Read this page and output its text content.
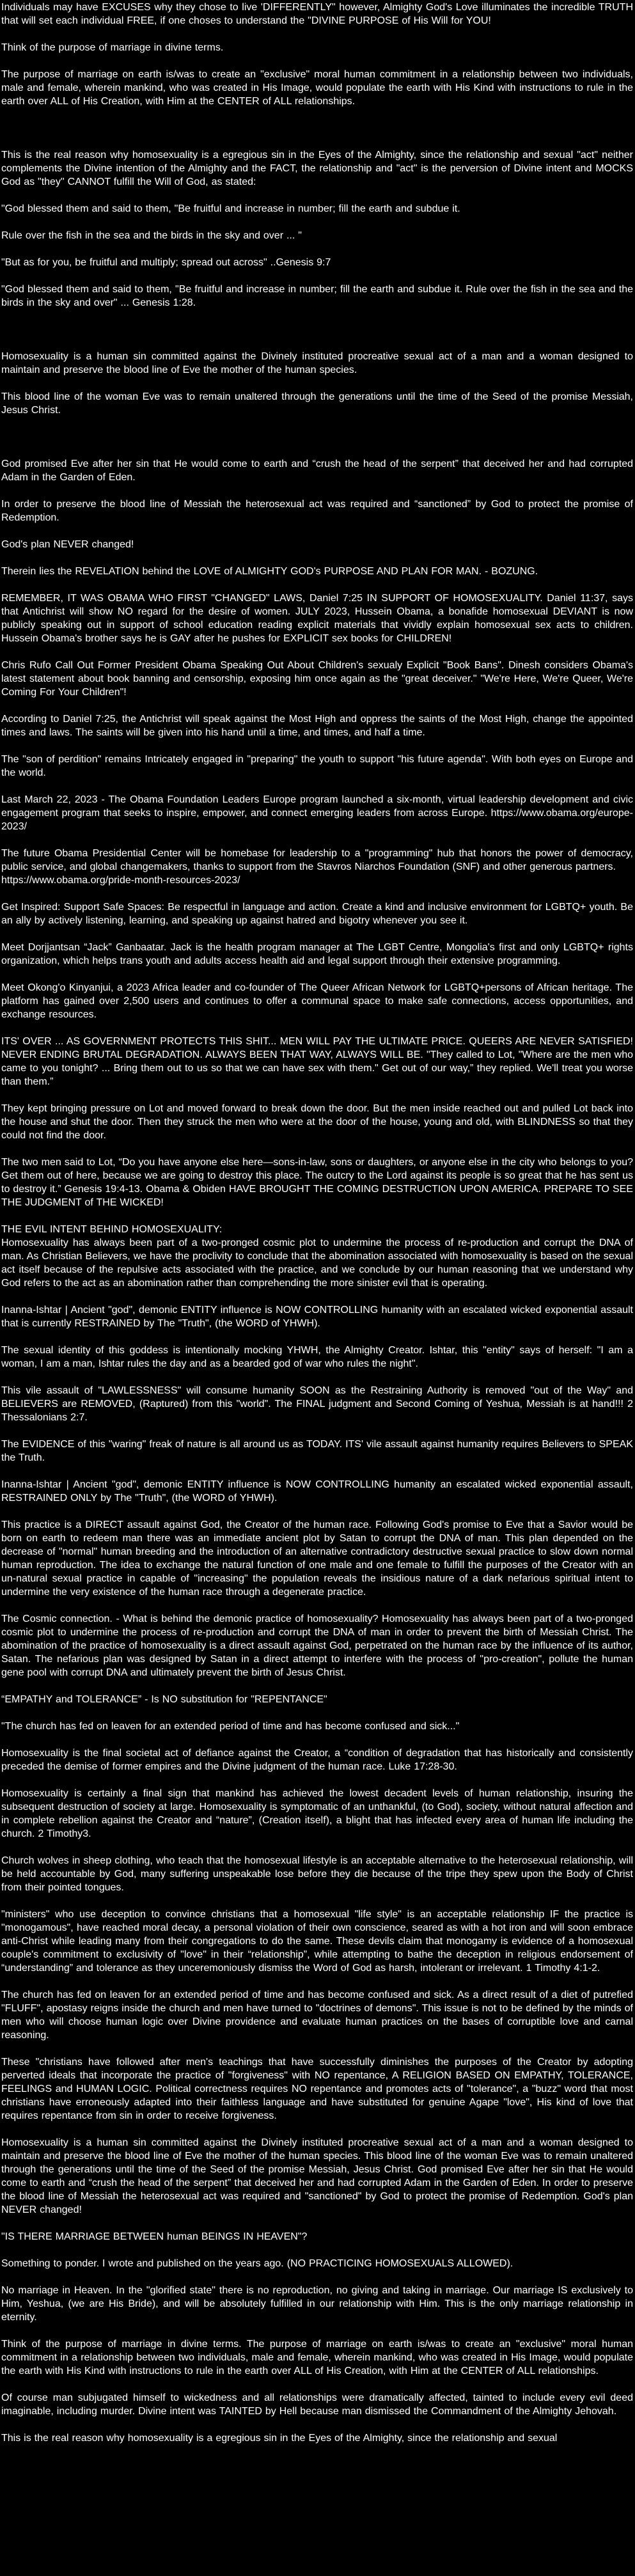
Individuals may have EXCUSES why they chose to live 'DIFFERENTLY" however, Almighty God's Love illuminates the incredible TRUTH that will set each individual FREE, if one choses to understand the "DIVINE PURPOSE of His Will for YOU!

Think of the purpose of marriage in divine terms.

The purpose of marriage on earth is/was to create an "exclusive" moral human commitment in a relationship between two individuals, male and female, wherein mankind, who was created in His Image, would populate the earth with His Kind with instructions to rule in the earth over ALL of His Creation, with Him at the CENTER of ALL relationships.

This is the real reason why homosexuality is a egregious sin in the Eyes of the Almighty, since the relationship and sexual "act" neither complements the Divine intention of the Almighty and the FACT, the relationship and "act" is the perversion of Divine intent and MOCKS God as "they" CANNOT fulfill the Will of God, as stated:

"God blessed them and said to them, "Be fruitful and increase in number; fill the earth and subdue it.

Rule over the fish in the sea and the birds in the sky and over ... "

"But as for you, be fruitful and multiply; spread out across" ..Genesis 9:7

"God blessed them and said to them, "Be fruitful and increase in number; fill the earth and subdue it. Rule over the fish in the sea and the birds in the sky and over" ... Genesis 1:28.

Homosexuality is a human sin committed against the Divinely instituted procreative sexual act of a man and a woman designed to maintain and preserve the blood line of Eve the mother of the human species.

This blood line of the woman Eve was to remain unaltered through the generations until the time of the Seed of the promise Messiah, Jesus Christ.

God promised Eve after her sin that He would come to earth and “crush the head of the serpent” that deceived her and had corrupted Adam in the Garden of Eden.

In order to preserve the blood line of Messiah the heterosexual act was required and “sanctioned” by God to protect the promise of Redemption.

God's plan NEVER changed!

Therein lies the REVELATION behind the LOVE of ALMIGHTY GOD's PURPOSE AND PLAN FOR MAN. - BOZUNG.

REMEMBER, IT WAS OBAMA WHO FIRST "CHANGED" LAWS, Daniel 7:25 IN SUPPORT OF HOMOSEXUALITY. Daniel 11:37, says that Antichrist will show NO regard for the desire of women. JULY 2023, Hussein Obama, a bonafide homosexual DEVIANT is now publicly speaking out in support of school education reading explicit materials that vividly explain homosexual sex acts to children. Hussein Obama's brother says he is GAY after he pushes for EXPLICIT sex books for CHILDREN!

Chris Rufo Call Out Former President Obama Speaking Out About Children's sexualy Explicit "Book Bans". Dinesh considers Obama's latest statement about book banning and censorship, exposing him once again as the "great deceiver." "We're Here, We're Queer, We're Coming For Your Children"!

According to Daniel 7:25, the Antichrist will speak against the Most High and oppress the saints of the Most High, change the appointed times and laws. The saints will be given into his hand until a time, and times, and half a time.

The "son of perdition" remains Intricately engaged in "preparing" the youth to support "his future agenda". With both eyes on Europe and the world.

Last March 22, 2023 - The Obama Foundation Leaders Europe program launched a six-month, virtual leadership development and civic engagement program that seeks to inspire, empower, and connect emerging leaders from across Europe. https://www.obama.org/europe-2023/

The future Obama Presidential Center will be homebase for leadership to a "programming" hub that honors the power of democracy, public service, and global changemakers, thanks to support from the Stavros Niarchos Foundation (SNF) and other generous partners.

https://www.obama.org/pride-month-resources-2023/

Get Inspired: Support Safe Spaces: Be respectful in language and action. Create a kind and inclusive environment for LGBTQ+ youth. Be an ally by actively listening, learning, and speaking up against hatred and bigotry whenever you see it.

Meet Dorjjantsan “Jack” Ganbaatar. Jack is the health program manager at The LGBT Centre, Mongolia's first and only LGBTQ+ rights organization, which helps trans youth and adults access health aid and legal support through their extensive programming.

Meet Okong'o Kinyanjui, a 2023 Africa leader and co-founder of The Queer African Network for LGBTQ+persons of African heritage. The platform has gained over 2,500 users and continues to offer a communal space to make safe connections, access opportunities, and exchange resources.

ITS' OVER ... AS GOVERNMENT PROTECTS THIS SHIT... MEN WILL PAY THE ULTIMATE PRICE. QUEERS ARE NEVER SATISFIED! NEVER ENDING BRUTAL DEGRADATION. ALWAYS BEEN THAT WAY, ALWAYS WILL BE. "They called to Lot, "Where are the men who came to you tonight? ... Bring them out to us so that we can have sex with them." Get out of our way,” they replied. We'll treat you worse than them.”

They kept bringing pressure on Lot and moved forward to break down the door. But the men inside reached out and pulled Lot back into the house and shut the door. Then they struck the men who were at the door of the house, young and old, with BLINDNESS so that they could not find the door.

The two men said to Lot, “Do you have anyone else here—sons-in-law, sons or daughters, or anyone else in the city who belongs to you? Get them out of here, because we are going to destroy this place. The outcry to the Lord against its people is so great that he has sent us to destroy it.” Genesis 19:4-13. Obama & Obiden HAVE BROUGHT THE COMING DESTRUCTION UPON AMERICA. PREPARE TO SEE THE JUDGMENT of THE WICKED!

THE EVIL INTENT BEHIND HOMOSEXUALITY:

Homosexuality has always been part of a two-pronged cosmic plot to undermine the process of re-production and corrupt the DNA of man. As Christian Believers, we have the proclivity to conclude that the abomination associated with homosexuality is based on the sexual act itself because of the repulsive acts associated with the practice, and we conclude by our human reasoning that we understand why God refers to the act as an abomination rather than comprehending the more sinister evil that is operating.

Inanna-Ishtar | Ancient "god", demonic ENTITY influence is NOW CONTROLLING humanity with an escalated wicked exponential assault that is currently RESTRAINED by The "Truth", (the WORD of YHWH).

The sexual identity of this goddess is intentionally mocking YHWH, the Almighty Creator. Ishtar, this "entity" says of herself: "I am a woman, I am a man, Ishtar rules the day and as a bearded god of war who rules the night".

This vile assault of "LAWLESSNESS" will consume humanity SOON as the Restraining Authority is removed "out of the Way" and BELIEVERS are REMOVED, (Raptured) from this "world". The FINAL judgment and Second Coming of Yeshua, Messiah is at hand!!! 2 Thessalonians 2:7.

The EVIDENCE of this "waring" freak of nature is all around us as TODAY. ITS' vile assault against humanity requires Believers to SPEAK the Truth.

Inanna-Ishtar | Ancient "god", demonic ENTITY influence is NOW CONTROLLING humanity an escalated wicked exponential assault, RESTRAINED ONLY by The "Truth", (the WORD of YHWH).

This practice is a DIRECT assault against God, the Creator of the human race. Following God's promise to Eve that a Savior would be born on earth to redeem man there was an immediate ancient plot by Satan to corrupt the DNA of man. This plan depended on the decrease of "normal" human breeding and the introduction of an alternative contradictory destructive sexual practice to slow down normal human reproduction. The idea to exchange the natural function of one male and one female to fulfill the purposes of the Creator with an un-natural sexual practice in capable of "increasing" the population reveals the insidious nature of a dark nefarious spiritual intent to undermine the very existence of the human race through a degenerate practice.

The Cosmic connection. - What is behind the demonic practice of homosexuality? Homosexuality has always been part of a two-pronged cosmic plot to undermine the process of re-production and corrupt the DNA of man in order to prevent the birth of Messiah Christ. The abomination of the practice of homosexuality is a direct assault against God, perpetrated on the human race by the influence of its author, Satan. The nefarious plan was designed by Satan in a direct attempt to interfere with the process of "pro-creation", pollute the human gene pool with corrupt DNA and ultimately prevent the birth of Jesus Christ.

“EMPATHY and TOLERANCE” - Is NO substitution for "REPENTANCE"

"The church has fed on leaven for an extended period of time and has become confused and sick..."

Homosexuality is the final societal act of defiance against the Creator, a “condition of degradation that has historically and consistently preceded the demise of former empires and the Divine judgment of the human race. Luke 17:28-30.

Homosexuality is certainly a final sign that mankind has achieved the lowest decadent levels of human relationship, insuring the subsequent destruction of society at large. Homosexuality is symptomatic of an unthankful, (to God), society, without natural affection and in complete rebellion against the Creator and “nature”, (Creation itself), a blight that has infected every area of human life including the church. 2 Timothy3.

Church wolves in sheep clothing, who teach that the homosexual lifestyle is an acceptable alternative to the heterosexual relationship, will be held accountable by God, many suffering unspeakable lose before they die because of the tripe they spew upon the Body of Christ from their pointed tongues.

"ministers" who use deception to convince christians that a homosexual "life style" is an acceptable relationship IF the practice is "monogamous", have reached moral decay, a personal violation of their own conscience, seared as with a hot iron and will soon embrace anti-Christ while leading many from their congregations to do the same. These devils claim that monogamy is evidence of a homosexual couple's commitment to exclusivity of "love" in their “relationship”, while attempting to bathe the deception in religious endorsement of “understanding” and tolerance as they unceremoniously dismiss the Word of God as harsh, intolerant or irrelevant. 1 Timothy 4:1-2.

The church has fed on leaven for an extended period of time and has become confused and sick. As a direct result of a diet of putrefied "FLUFF", apostasy reigns inside the church and men have turned to "doctrines of demons". This issue is not to be defined by the minds of men who will choose human logic over Divine providence and evaluate human practices on the bases of corruptible love and carnal reasoning.

These "christians have followed after men's teachings that have successfully diminishes the purposes of the Creator by adopting perverted ideals that incorporate the practice of "forgiveness" with NO repentance, A RELIGION BASED ON EMPATHY, TOLERANCE, FEELINGS and HUMAN LOGIC. Political correctness requires NO repentance and promotes acts of "tolerance", a "buzz" word that most christians have erroneously adapted into their faithless language and have substituted for genuine Agape "love", His kind of love that requires repentance from sin in order to receive forgiveness.

Homosexuality is a human sin committed against the Divinely instituted procreative sexual act of a man and a woman designed to maintain and preserve the blood line of Eve the mother of the human species. This blood line of the woman Eve was to remain unaltered through the generations until the time of the Seed of the promise Messiah, Jesus Christ. God promised Eve after her sin that He would come to earth and “crush the head of the serpent” that deceived her and had corrupted Adam in the Garden of Eden. In order to preserve the blood line of Messiah the heterosexual act was required and "sanctioned" by God to protect the promise of Redemption. God's plan NEVER changed!

"IS THERE MARRIAGE BETWEEN human BEINGS IN HEAVEN"?

Something to ponder. I wrote and published on the years ago. (NO PRACTICING HOMOSEXUALS ALLOWED).

No marriage in Heaven. In the "glorified state" there is no reproduction, no giving and taking in marriage. Our marriage IS exclusively to Him, Yeshua, (we are His Bride), and will be absolutely fulfilled in our relationship with Him. This is the only marriage relationship in eternity.

Think of the purpose of marriage in divine terms. The purpose of marriage on earth is/was to create an "exclusive" moral human commitment in a relationship between two individuals, male and female, wherein mankind, who was created in His Image, would populate the earth with His Kind with instructions to rule in the earth over ALL of His Creation, with Him at the CENTER of ALL relationships.

Of course man subjugated himself to wickedness and all relationships were dramatically affected, tainted to include every evil deed imaginable, including murder. Divine intent was TAINTED by Hell because man dismissed the Commandment of the Almighty Jehovah.

This is the real reason why homosexuality is a egregious sin in the Eyes of the Almighty, since the relationship and sexual
